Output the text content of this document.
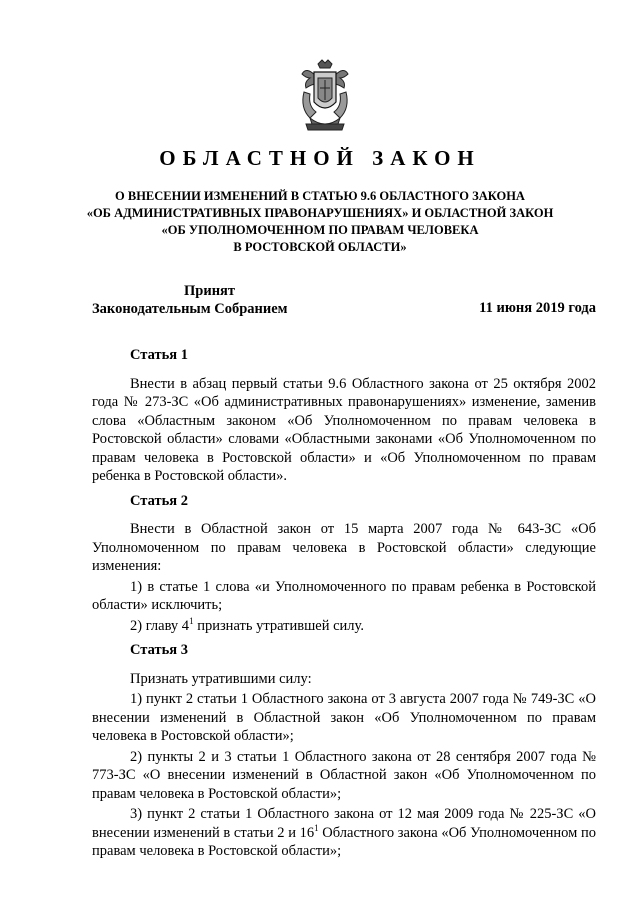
ОБЛАСТНОЙ ЗАКОН
О ВНЕСЕНИИ ИЗМЕНЕНИЙ В СТАТЬЮ 9.6 ОБЛАСТНОГО ЗАКОНА
«ОБ АДМИНИСТРАТИВНЫХ ПРАВОНАРУШЕНИЯХ» И ОБЛАСТНОЙ ЗАКОН
«ОБ УПОЛНОМОЧЕННОМ ПО ПРАВАМ ЧЕЛОВЕКА
В РОСТОВСКОЙ ОБЛАСТИ»
Принят
Законодательным Собранием	11 июня 2019 года
Статья 1

Внести в абзац первый статьи 9.6 Областного закона от 25 октября 2002 года № 273-ЗС «Об административных правонарушениях» изменение, заменив слова «Областным законом «Об Уполномоченном по правам человека в Ростовской области» словами «Областными законами «Об Уполномоченном по правам человека в Ростовской области» и «Об Уполномоченном по правам ребенка в Ростовской области».

Статья 2

Внести в Областной закон от 15 марта 2007 года № 643-ЗС «Об Уполномоченном по правам человека в Ростовской области» следующие изменения:

1) в статье 1 слова «и Уполномоченного по правам ребенка в Ростовской области» исключить;

2) главу $4^1$ признать утратившей силу.

Статья 3

Признать утратившими силу:

1) пункт 2 статьи 1 Областного закона от 3 августа 2007 года № 749-ЗС «О внесении изменений в Областной закон «Об Уполномоченном по правам человека в Ростовской области»;

2) пункты 2 и 3 статьи 1 Областного закона от 28 сентября 2007 года № 773-ЗС «О внесении изменений в Областной закон «Об Уполномоченном по правам человека в Ростовской области»;

3) пункт 2 статьи 1 Областного закона от 12 мая 2009 года № 225-ЗС «О внесении изменений в статьи 2 и $16^1$ Областного закона «Об Уполномоченном по правам человека в Ростовской области»;
